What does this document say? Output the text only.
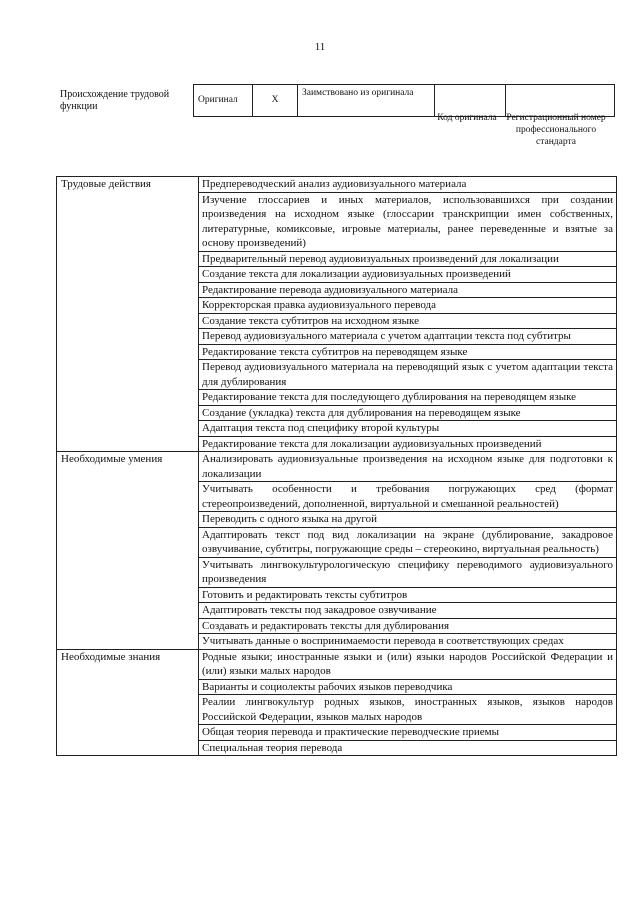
11
Происхождение трудовой функции
Оригинал	X	Заимствовано из оригинала		
Код оригинала	Регистрационный номер профессионального стандарта
Трудовые действия	Предпереводческий анализ аудиовизуального материала
	Изучение глоссариев и иных материалов, использовавшихся при создании произведения на исходном языке (глоссарии транскрипции имен собственных, литературные, комиксовые, игровые материалы, ранее переведенные и взятые за основу произведений)
	Предварительный перевод аудиовизуальных произведений для локализации
	Создание текста для локализации аудиовизуальных произведений
	Редактирование перевода аудиовизуального материала
	Корректорская правка аудиовизуального перевода
	Создание текста субтитров на исходном языке
	Перевод аудиовизуального материала с учетом адаптации текста под субтитры
	Редактирование текста субтитров на переводящем языке
	Перевод аудиовизуального материала на переводящий язык с учетом адаптации текста для дублирования
	Редактирование текста для последующего дублирования на переводящем языке
	Создание (укладка) текста для дублирования на переводящем языке
	Адаптация текста под специфику второй культуры
	Редактирование текста для локализации аудиовизуальных произведений
Необходимые умения	Анализировать аудиовизуальные произведения на исходном языке для подготовки к локализации
	Учитывать особенности и требования погружающих сред (формат стереопроизведений, дополненной, виртуальной и смешанной реальностей)
	Переводить с одного языка на другой
	Адаптировать текст под вид локализации на экране (дублирование, закадровое озвучивание, субтитры, погружающие среды – стереокино, виртуальная реальность)
	Учитывать лингвокультурологическую специфику переводимого аудиовизуального произведения
	Готовить и редактировать тексты субтитров
	Адаптировать тексты под закадровое озвучивание
	Создавать и редактировать тексты для дублирования
	Учитывать данные о воспринимаемости перевода в соответствующих средах
Необходимые знания	Родные языки; иностранные языки и (или) языки народов Российской Федерации и (или) языки малых народов
	Варианты и социолекты рабочих языков переводчика
	Реалии лингвокультур родных языков, иностранных языков, языков народов Российской Федерации, языков малых народов
	Общая теория перевода и практические переводческие приемы
	Специальная теория перевода
